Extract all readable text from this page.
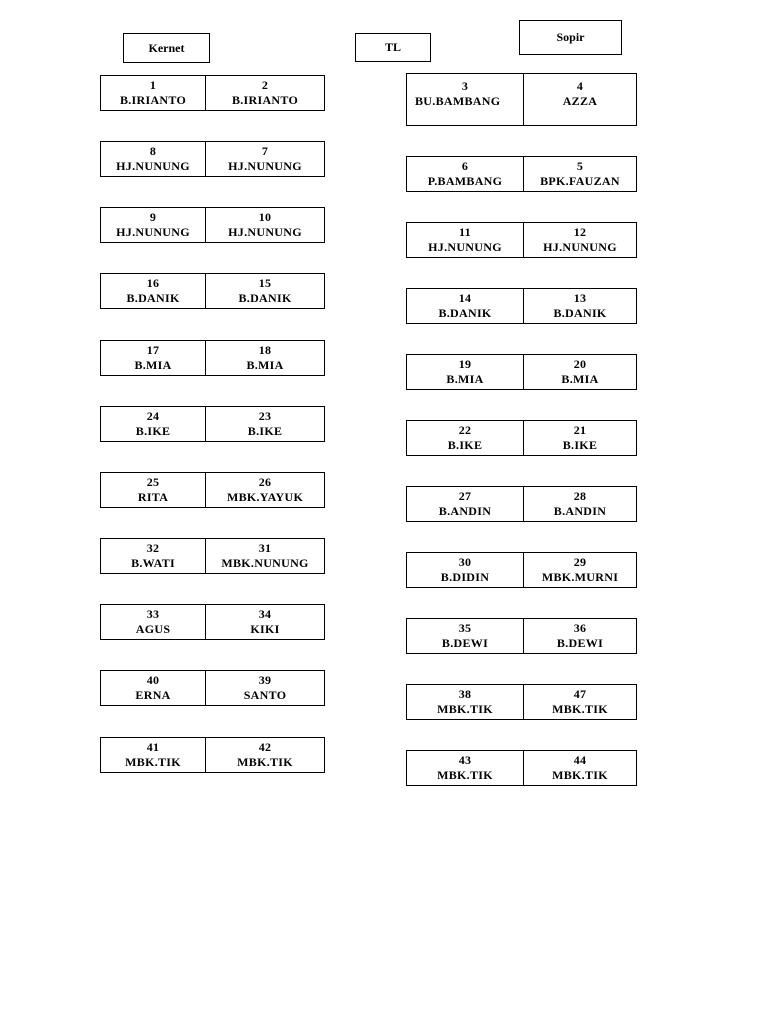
Kernet	TL
Sopir
1
B.IRIANTO
2
B.IRIANTO
8
HJ.NUNUNG
7
HJ.NUNUNG
9
HJ.NUNUNG
10
HJ.NUNUNG
16
B.DANIK
15
B.DANIK
17
B.MIA
18
B.MIA
24
B.IKE
23
B.IKE
25
RITA
26
MBK.YAYUK
32
B.WATI
31
MBK.NUNUNG
33
AGUS
34
KIKI
40
ERNA
39
SANTO
41
MBK.TIK
42
MBK.TIK
3
BU.BAMBANG
4
AZZA
6
P.BAMBANG
5
BPK.FAUZAN
11
HJ.NUNUNG
12
HJ.NUNUNG
14
B.DANIK
13
B.DANIK
19
B.MIA
20
B.MIA
22
B.IKE
21
B.IKE
27
B.ANDIN
28
B.ANDIN
30
B.DIDIN
29
MBK.MURNI
35
B.DEWI
36
B.DEWI
38
MBK.TIK
47
MBK.TIK
43
MBK.TIK
44
MBK.TIK
